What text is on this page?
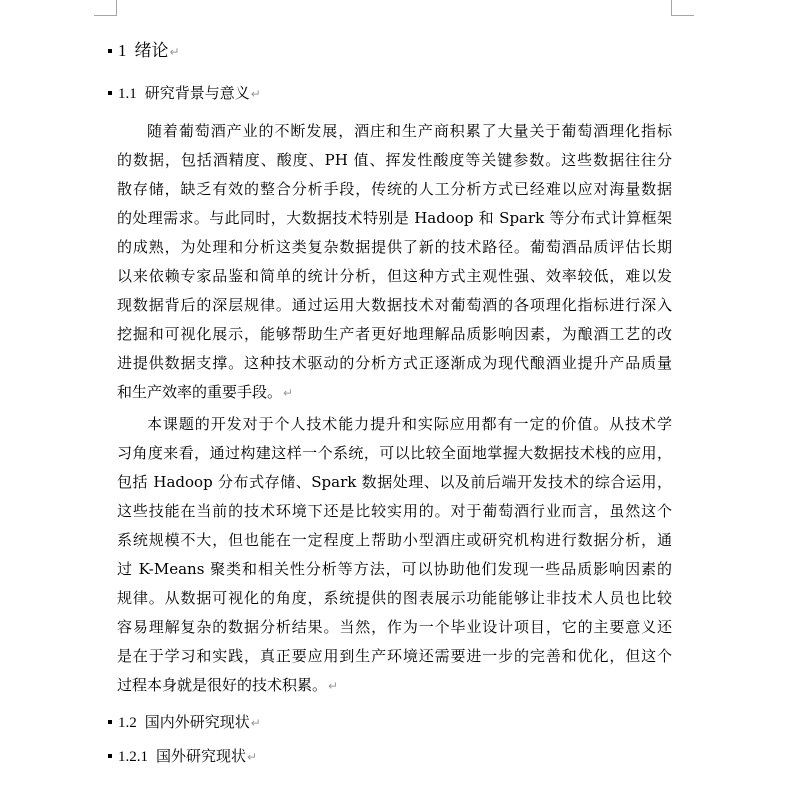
1 绪论↵
1.1 研究背景与意义↵
随着葡萄酒产业的不断发展，酒庄和生产商积累了大量关于葡萄酒理化指标
的数据，包括酒精度、酸度、PH 值、挥发性酸度等关键参数。这些数据往往分
散存储，缺乏有效的整合分析手段，传统的人工分析方式已经难以应对海量数据
的处理需求。与此同时，大数据技术特别是 Hadoop 和 Spark 等分布式计算框架
的成熟，为处理和分析这类复杂数据提供了新的技术路径。葡萄酒品质评估长期
以来依赖专家品鉴和简单的统计分析，但这种方式主观性强、效率较低，难以发
现数据背后的深层规律。通过运用大数据技术对葡萄酒的各项理化指标进行深入
挖掘和可视化展示，能够帮助生产者更好地理解品质影响因素，为酿酒工艺的改
进提供数据支撑。这种技术驱动的分析方式正逐渐成为现代酿酒业提升产品质量
和生产效率的重要手段。↵
本课题的开发对于个人技术能力提升和实际应用都有一定的价值。从技术学
习角度来看，通过构建这样一个系统，可以比较全面地掌握大数据技术栈的应用，
包括 Hadoop 分布式存储、Spark 数据处理、以及前后端开发技术的综合运用，
这些技能在当前的技术环境下还是比较实用的。对于葡萄酒行业而言，虽然这个
系统规模不大，但也能在一定程度上帮助小型酒庄或研究机构进行数据分析，通
过 K-Means 聚类和相关性分析等方法，可以协助他们发现一些品质影响因素的
规律。从数据可视化的角度，系统提供的图表展示功能能够让非技术人员也比较
容易理解复杂的数据分析结果。当然，作为一个毕业设计项目，它的主要意义还
是在于学习和实践，真正要应用到生产环境还需要进一步的完善和优化，但这个
过程本身就是很好的技术积累。↵
1.2 国内外研究现状↵
1.2.1 国外研究现状↵
